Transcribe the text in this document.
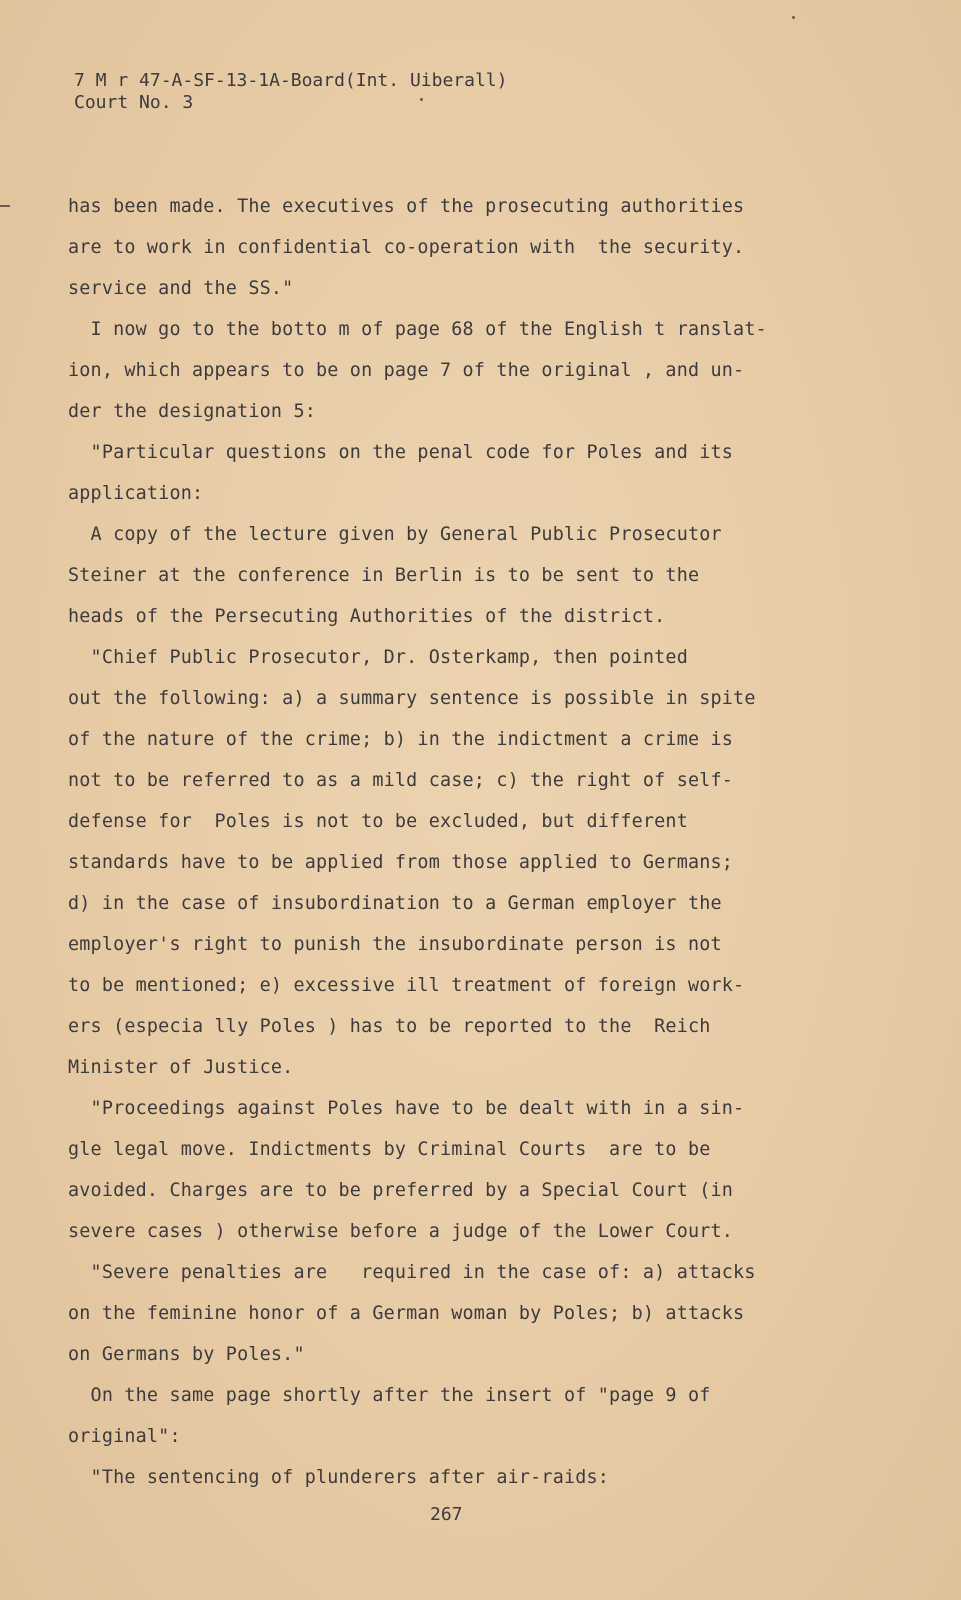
7 M r 47-A-SF-13-1A-Board(Int. Uiberall)
Court No. 3
has been made. The executives of the prosecuting authorities
are to work in confidential co-operation with  the security.
service and the SS."
I now go to the botto m of page 68 of the English t ranslat-
ion, which appears to be on page 7 of the original , and un-
der the designation 5:
"Particular questions on the penal code for Poles and its
application:
A copy of the lecture given by General Public Prosecutor
Steiner at the conference in Berlin is to be sent to the
heads of the Persecuting Authorities of the district.
"Chief Public Prosecutor, Dr. Osterkamp, then pointed
out the following: a) a summary sentence is possible in spite
of the nature of the crime; b) in the indictment a crime is
not to be referred to as a mild case; c) the right of self-
defense for  Poles is not to be excluded, but different
standards have to be applied from those applied to Germans;
d) in the case of insubordination to a German employer the
employer's right to punish the insubordinate person is not
to be mentioned; e) excessive ill treatment of foreign work-
ers (especia lly Poles ) has to be reported to the  Reich
Minister of Justice.
"Proceedings against Poles have to be dealt with in a sin-
gle legal move. Indictments by Criminal Courts  are to be
avoided. Charges are to be preferred by a Special Court (in
severe cases ) otherwise before a judge of the Lower Court.
"Severe penalties are   required in the case of: a) attacks
on the feminine honor of a German woman by Poles; b) attacks
on Germans by Poles."
On the same page shortly after the insert of "page 9 of
original":
"The sentencing of plunderers after air-raids:
267
